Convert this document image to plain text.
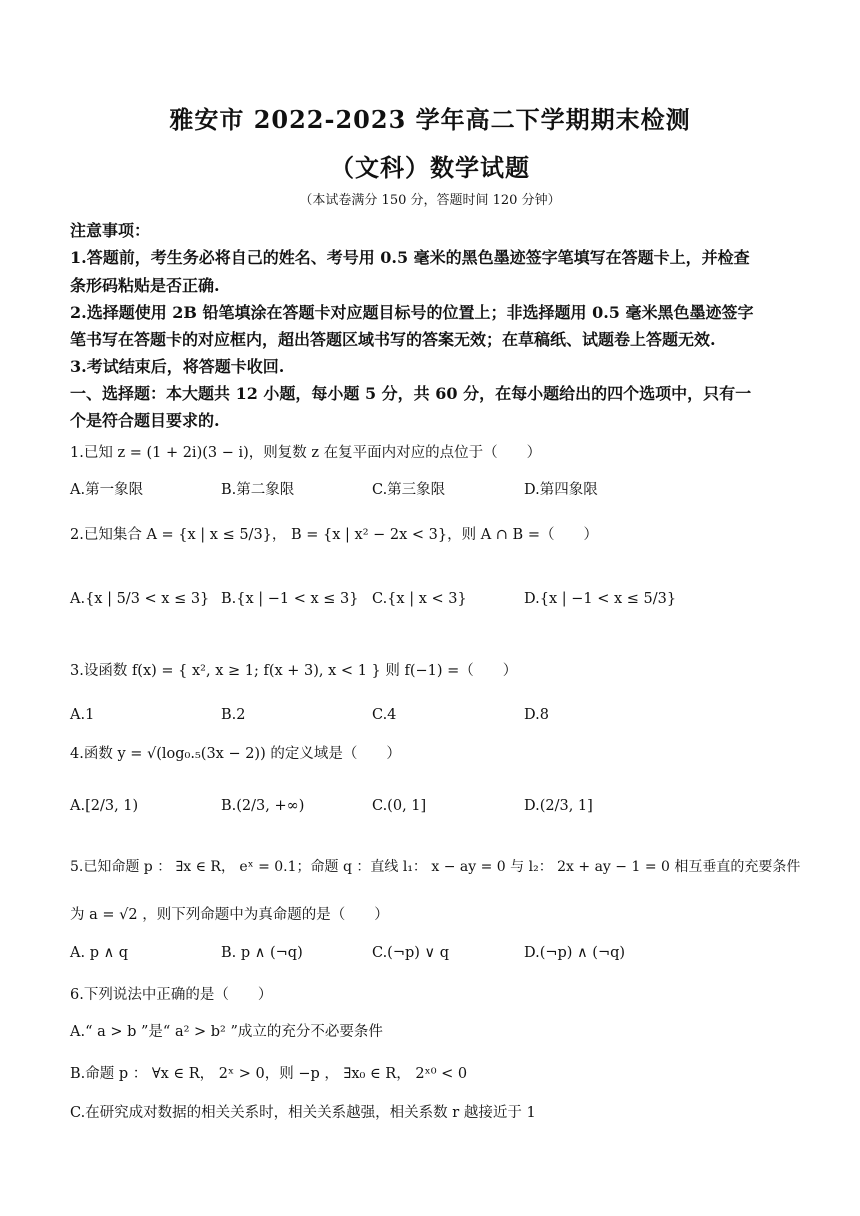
雅安市 2022-2023 学年高二下学期期末检测
（文科）数学试题
（本试卷满分 150 分，答题时间 120 分钟）
注意事项：
1.答题前，考生务必将自己的姓名、考号用 0.5 毫米的黑色墨迹签字笔填写在答题卡上，并检查
条形码粘贴是否正确.
2.选择题使用 2B 铅笔填涂在答题卡对应题目标号的位置上；非选择题用 0.5 毫米黑色墨迹签字
笔书写在答题卡的对应框内，超出答题区域书写的答案无效；在草稿纸、试题卷上答题无效.
3.考试结束后，将答题卡收回.
一、选择题：本大题共 12 小题，每小题 5 分，共 60 分，在每小题给出的四个选项中，只有一
个是符合题目要求的.
1.已知 z = (1 + 2i)(3 − i)，则复数 z 在复平面内对应的点位于（　　）
A.第一象限	B.第二象限	C.第三象限	D.第四象限
2.已知集合 A = {x | x ≤ 5/3}， B = {x | x² − 2x < 3}，则 A ∩ B =（　　）
A.{x | 5/3 < x ≤ 3} B.{x | −1 < x ≤ 3} C.{x | x < 3}	D.{x | −1 < x ≤ 5/3}
3.设函数 f(x) = { x², x ≥ 1; f(x + 3), x < 1 } 则 f(−1) =（　　）
A.1	B.2	C.4	D.8
4.函数 y = √(log₀.₅(3x − 2)) 的定义域是（　　）
A.[2/3, 1)	B.(2/3, +∞)	C.(0, 1]	D.(2/3, 1]
5.已知命题 p ： ∃x ∈ R， eˣ = 0.1；命题 q ：直线 l₁： x − ay = 0 与 l₂： 2x + ay − 1 = 0 相互垂直的充要条件
为 a = √2 ，则下列命题中为真命题的是（　　）
A. p ∧ q	B. p ∧ (¬q)	C.(¬p) ∨ q	D.(¬p) ∧ (¬q)
6.下列说法中正确的是（　　）
A.“ a > b ”是“ a² > b² ”成立的充分不必要条件
B.命题 p ： ∀x ∈ R， 2ˣ > 0，则 −p ， ∃x₀ ∈ R， 2ˣ⁰ < 0
C.在研究成对数据的相关关系时，相关关系越强，相关系数 r 越接近于 1
